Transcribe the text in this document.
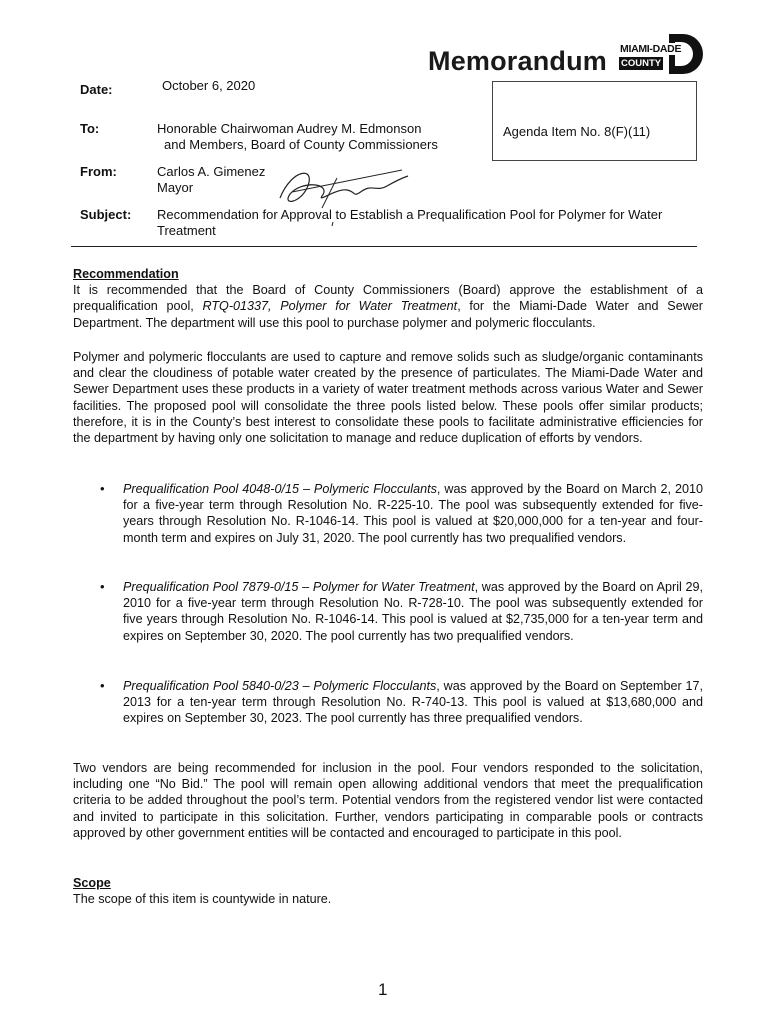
Memorandum MIAMI-DADE
COUNTY
Date:	October 6, 2020
To:	Honorable Chairwoman Audrey M. Edmonson
and Members, Board of County Commissioners
From:	Carlos A. Gimenez
Mayor
Subject: Recommendation for Approval to Establish a Prequalification Pool for Polymer for Water
Treatment
Agenda Item No. 8(F)(11)
Recommendation
It is recommended that the Board of County Commissioners (Board) approve the establishment of a prequalification pool, RTQ-01337, Polymer for Water Treatment, for the Miami-Dade Water and Sewer Department. The department will use this pool to purchase polymer and polymeric flocculants.
Polymer and polymeric flocculants are used to capture and remove solids such as sludge/organic contaminants and clear the cloudiness of potable water created by the presence of particulates. The Miami-Dade Water and Sewer Department uses these products in a variety of water treatment methods across various Water and Sewer facilities. The proposed pool will consolidate the three pools listed below. These pools offer similar products; therefore, it is in the County’s best interest to consolidate these pools to facilitate administrative efficiencies for the department by having only one solicitation to manage and reduce duplication of efforts by vendors.
• Prequalification Pool 4048-0/15 – Polymeric Flocculants, was approved by the Board on March 2, 2010 for a five-year term through Resolution No. R-225-10. The pool was subsequently extended for five-years through Resolution No. R-1046-14. This pool is valued at $20,000,000 for a ten-year and four-month term and expires on July 31, 2020. The pool currently has two prequalified vendors.
• Prequalification Pool 7879-0/15 – Polymer for Water Treatment, was approved by the Board on April 29, 2010 for a five-year term through Resolution No. R-728-10. The pool was subsequently extended for five years through Resolution No. R-1046-14. This pool is valued at $2,735,000 for a ten-year term and expires on September 30, 2020. The pool currently has two prequalified vendors.
• Prequalification Pool 5840-0/23 – Polymeric Flocculants, was approved by the Board on September 17, 2013 for a ten-year term through Resolution No. R-740-13. This pool is valued at $13,680,000 and expires on September 30, 2023. The pool currently has three prequalified vendors.
Two vendors are being recommended for inclusion in the pool. Four vendors responded to the solicitation, including one “No Bid.” The pool will remain open allowing additional vendors that meet the prequalification criteria to be added throughout the pool’s term. Potential vendors from the registered vendor list were contacted and invited to participate in this solicitation. Further, vendors participating in comparable pools or contracts approved by other government entities will be contacted and encouraged to participate in this pool.
Scope
The scope of this item is countywide in nature.
1
